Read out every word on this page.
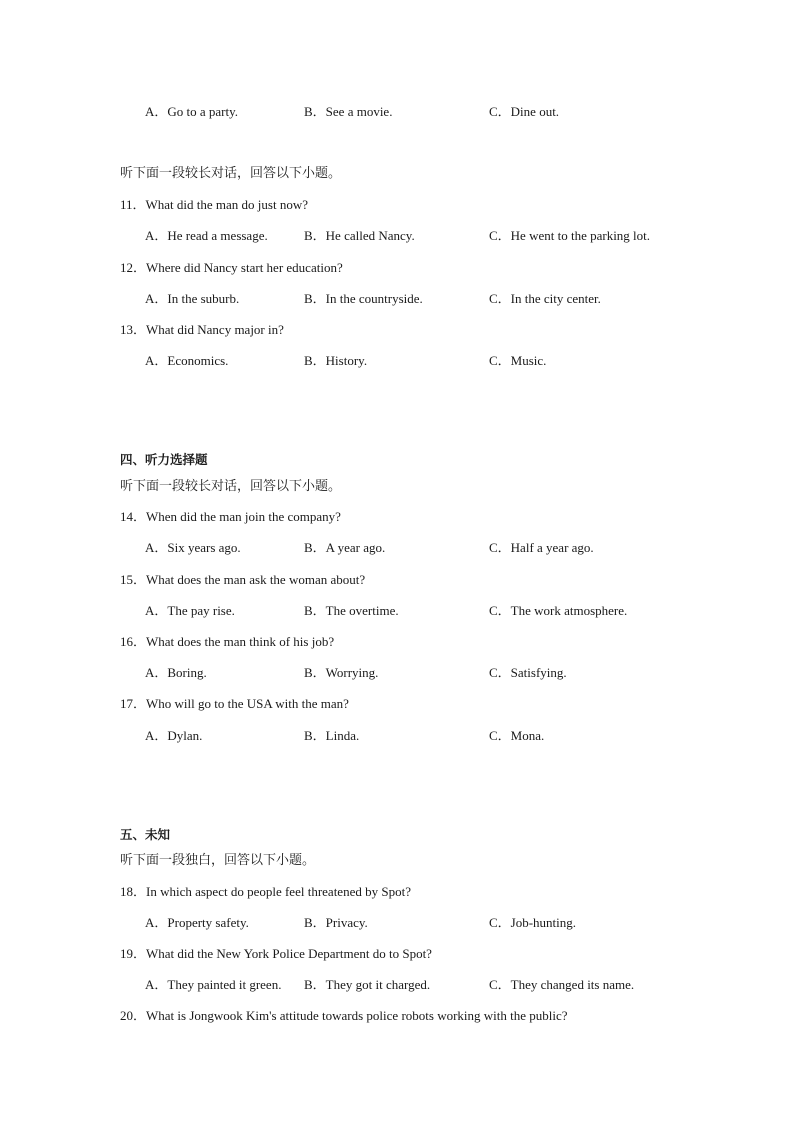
A．Go to a party.	B．See a movie.	C．Dine out.
听下面一段较长对话，回答以下小题。
11．What did the man do just now?
A．He read a message.	B．He called Nancy.	C．He went to the parking lot.
12．Where did Nancy start her education?
A．In the suburb.	B．In the countryside.	C．In the city center.
13．What did Nancy major in?
A．Economics.	B．History.	C．Music.
四、听力选择题
听下面一段较长对话，回答以下小题。
14．When did the man join the company?
A．Six years ago.	B．A year ago.	C．Half a year ago.
15．What does the man ask the woman about?
A．The pay rise.	B．The overtime.	C．The work atmosphere.
16．What does the man think of his job?
A．Boring.	B．Worrying.	C．Satisfying.
17．Who will go to the USA with the man?
A．Dylan.	B．Linda.	C．Mona.
五、未知
听下面一段独白，回答以下小题。
18．In which aspect do people feel threatened by Spot?
A．Property safety.	B．Privacy.	C．Job-hunting.
19．What did the New York Police Department do to Spot?
A．They painted it green. B．They got it charged.	C．They changed its name.
20．What is Jongwook Kim's attitude towards police robots working with the public?
